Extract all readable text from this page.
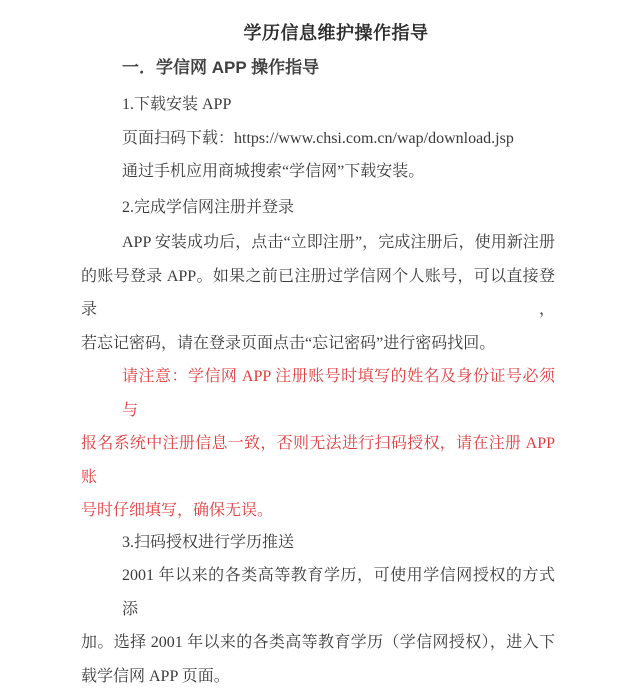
学历信息维护操作指导
一．学信网 APP 操作指导
1.下载安装 APP
页面扫码下载：https://www.chsi.com.cn/wap/download.jsp
通过手机应用商城搜索“学信网”下载安装。
2.完成学信网注册并登录
APP 安装成功后，点击“立即注册”，完成注册后，使用新注册
的账号登录 APP。如果之前已注册过学信网个人账号，可以直接登录，
若忘记密码，请在登录页面点击“忘记密码”进行密码找回。
请注意：学信网 APP 注册账号时填写的姓名及身份证号必须与
报名系统中注册信息一致，否则无法进行扫码授权，请在注册 APP 账
号时仔细填写，确保无误。
3.扫码授权进行学历推送
2001 年以来的各类高等教育学历，可使用学信网授权的方式添
加。选择 2001 年以来的各类高等教育学历（学信网授权），进入下
载学信网 APP 页面。
